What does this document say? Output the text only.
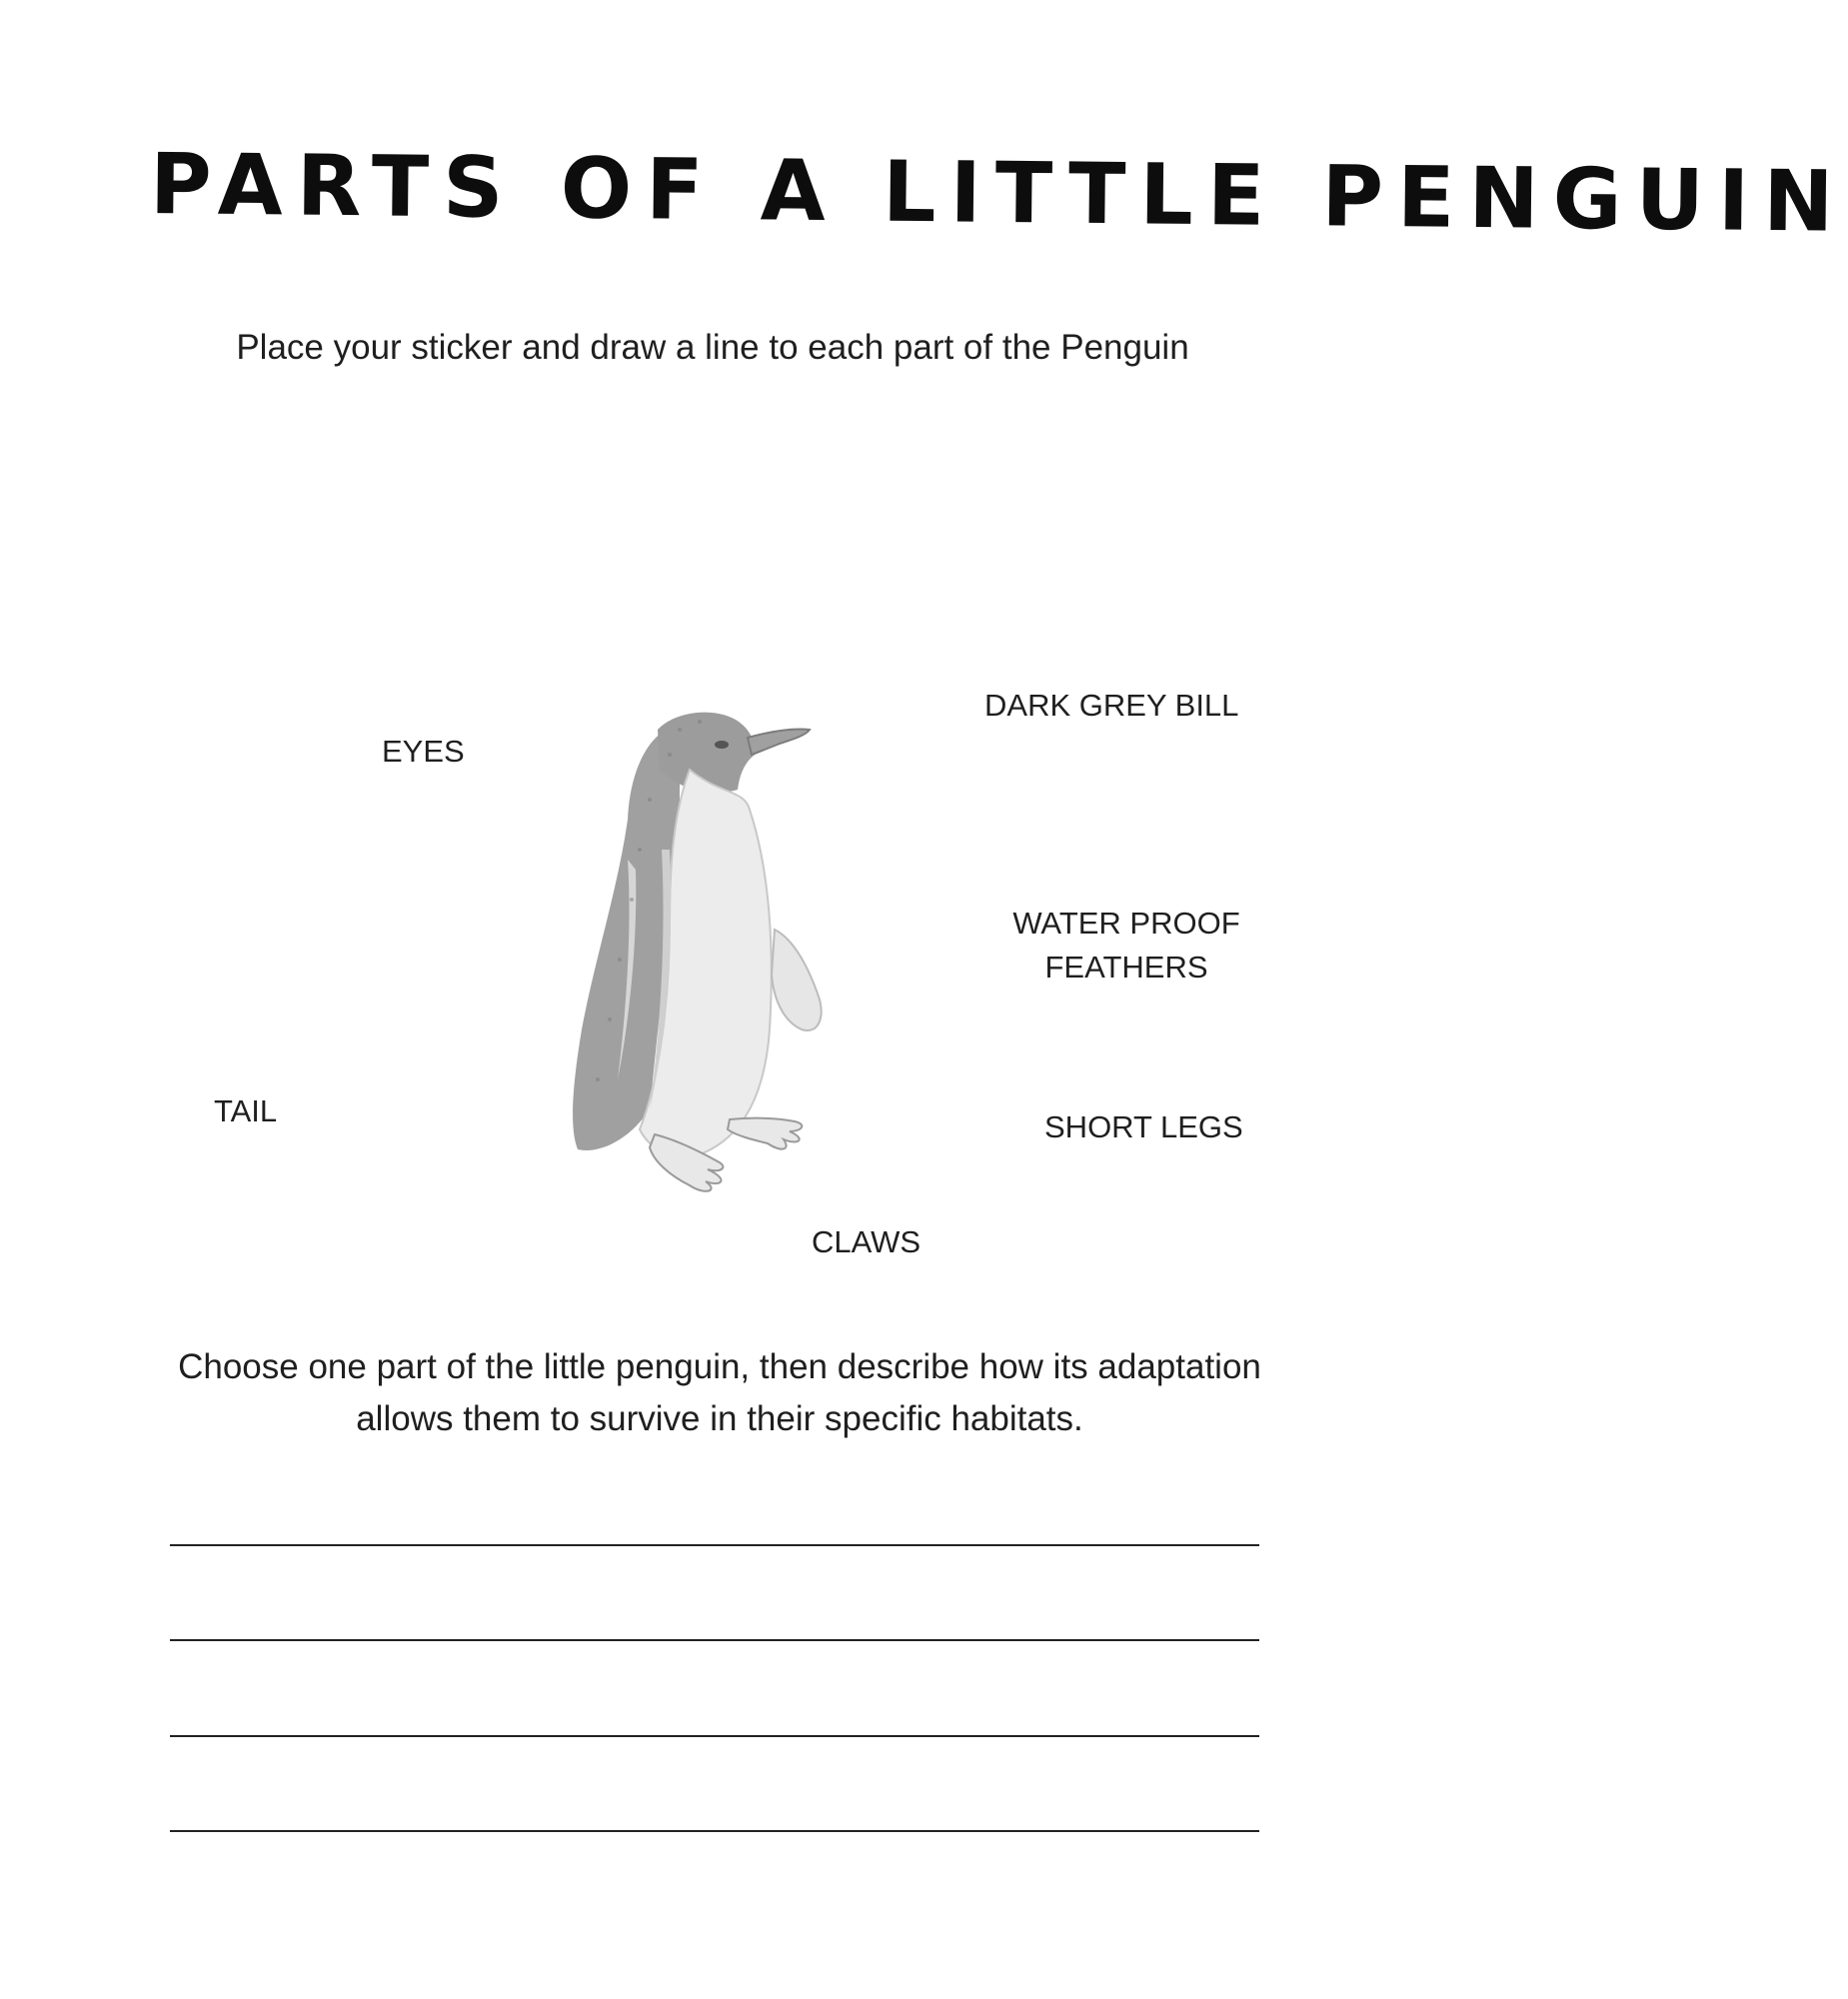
PARTS OF A LITTLE PENGUIN
Place your sticker and draw a line to each part of the Penguin
DARK GREY BILL
EYES
WATER PROOF
FEATHERS
TAIL	SHORT LEGS
CLAWS
Choose one part of the little penguin, then describe how its adaptation
allows them to survive in their specific habitats.
